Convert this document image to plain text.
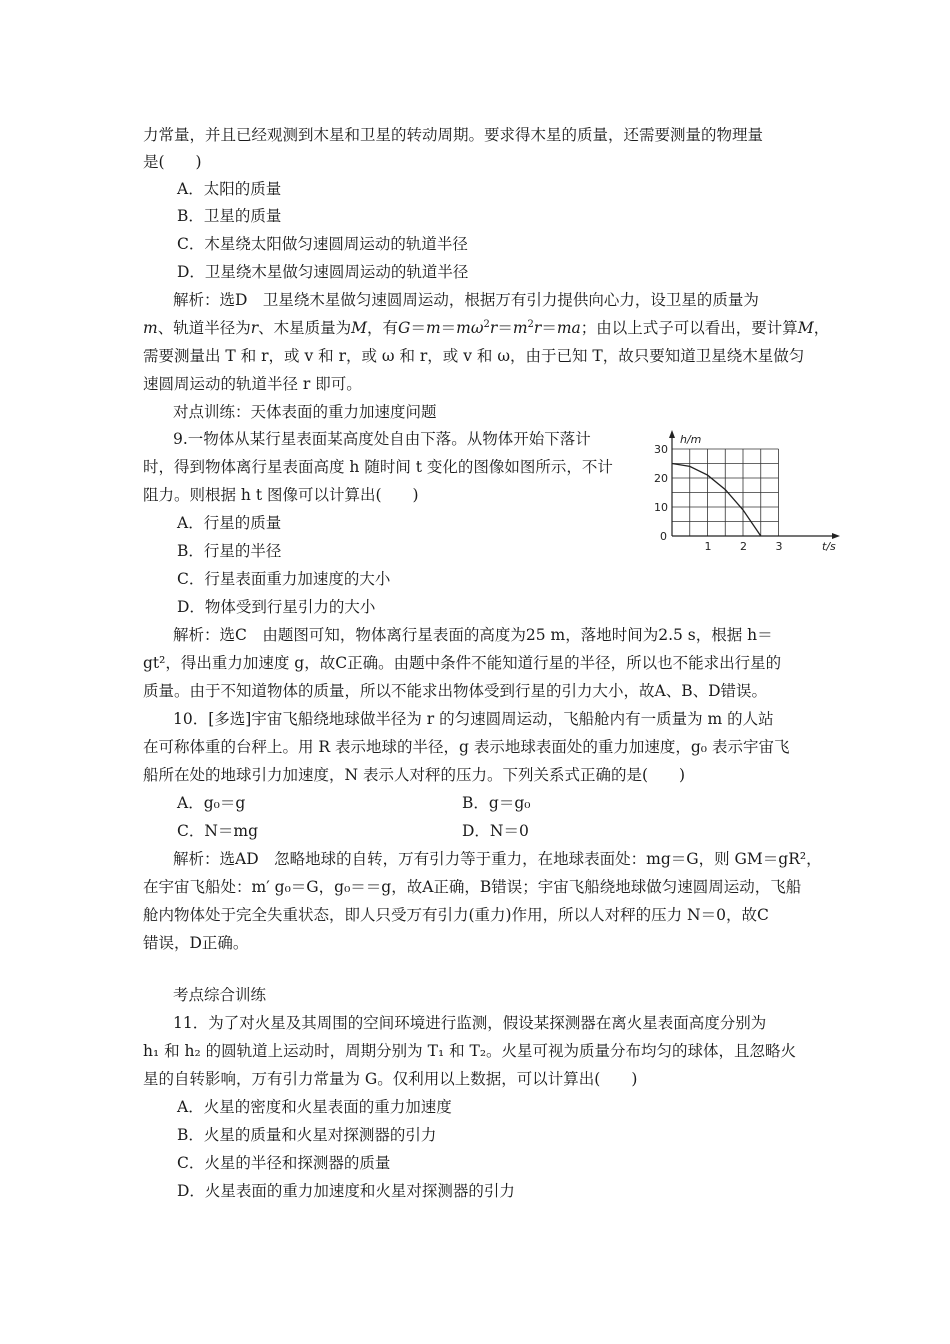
力常量，并且已经观测到木星和卫星的转动周期。要求得木星的质量，还需要测量的物理量
是(　　)
A．太阳的质量
B．卫星的质量
C．木星绕太阳做匀速圆周运动的轨道半径
D．卫星绕木星做匀速圆周运动的轨道半径
解析：选D　卫星绕木星做匀速圆周运动，根据万有引力提供向心力，设卫星的质量为
m、轨道半径为r、木星质量为M，有$G=m=m\omega^2r=m^2r=ma$；由以上式子可以看出，要计算M，
需要测量出 T 和 r，或 v 和 r，或 ω 和 r，或 v 和 ω，由于已知 T，故只要知道卫星绕木星做匀
速圆周运动的轨道半径 r 即可。
对点训练：天体表面的重力加速度问题
9.一物体从某行星表面某高度处自由下落。从物体开始下落计
时，得到物体离行星表面高度 h 随时间 t 变化的图像如图所示，不计
阻力。则根据 h t 图像可以计算出(　　)
A．行星的质量
B．行星的半径
C．行星表面重力加速度的大小
D．物体受到行星引力的大小
解析：选C　由题图可知，物体离行星表面的高度为25 m，落地时间为2.5 s，根据 h＝
gt²，得出重力加速度 g，故C正确。由题中条件不能知道行星的半径，所以也不能求出行星的
质量。由于不知道物体的质量，所以不能求出物体受到行星的引力大小，故A、B、D错误。
1	2	3
0
10
20
30
h/m
t/s
10．[多选]宇宙飞船绕地球做半径为 r 的匀速圆周运动，飞船舱内有一质量为 m 的人站
在可称体重的台秤上。用 R 表示地球的半径，g 表示地球表面处的重力加速度，g₀ 表示宇宙飞
船所在处的地球引力加速度，N 表示人对秤的压力。下列关系式正确的是(　　)
A．g₀＝g	B．g＝g₀
C．N＝mg	D．N＝0
解析：选AD　忽略地球的自转，万有引力等于重力，在地球表面处：mg＝G，则 GM＝gR²，
在宇宙飞船处：m′ g₀＝G，g₀＝＝g，故A正确，B错误；宇宙飞船绕地球做匀速圆周运动，飞船
舱内物体处于完全失重状态，即人只受万有引力(重力)作用，所以人对秤的压力 N＝0，故C
错误，D正确。
考点综合训练
11．为了对火星及其周围的空间环境进行监测，假设某探测器在离火星表面高度分别为
h₁ 和 h₂ 的圆轨道上运动时，周期分别为 T₁ 和 T₂。火星可视为质量分布均匀的球体，且忽略火
星的自转影响，万有引力常量为 G。仅利用以上数据，可以计算出(　　)
A．火星的密度和火星表面的重力加速度
B．火星的质量和火星对探测器的引力
C．火星的半径和探测器的质量
D．火星表面的重力加速度和火星对探测器的引力
